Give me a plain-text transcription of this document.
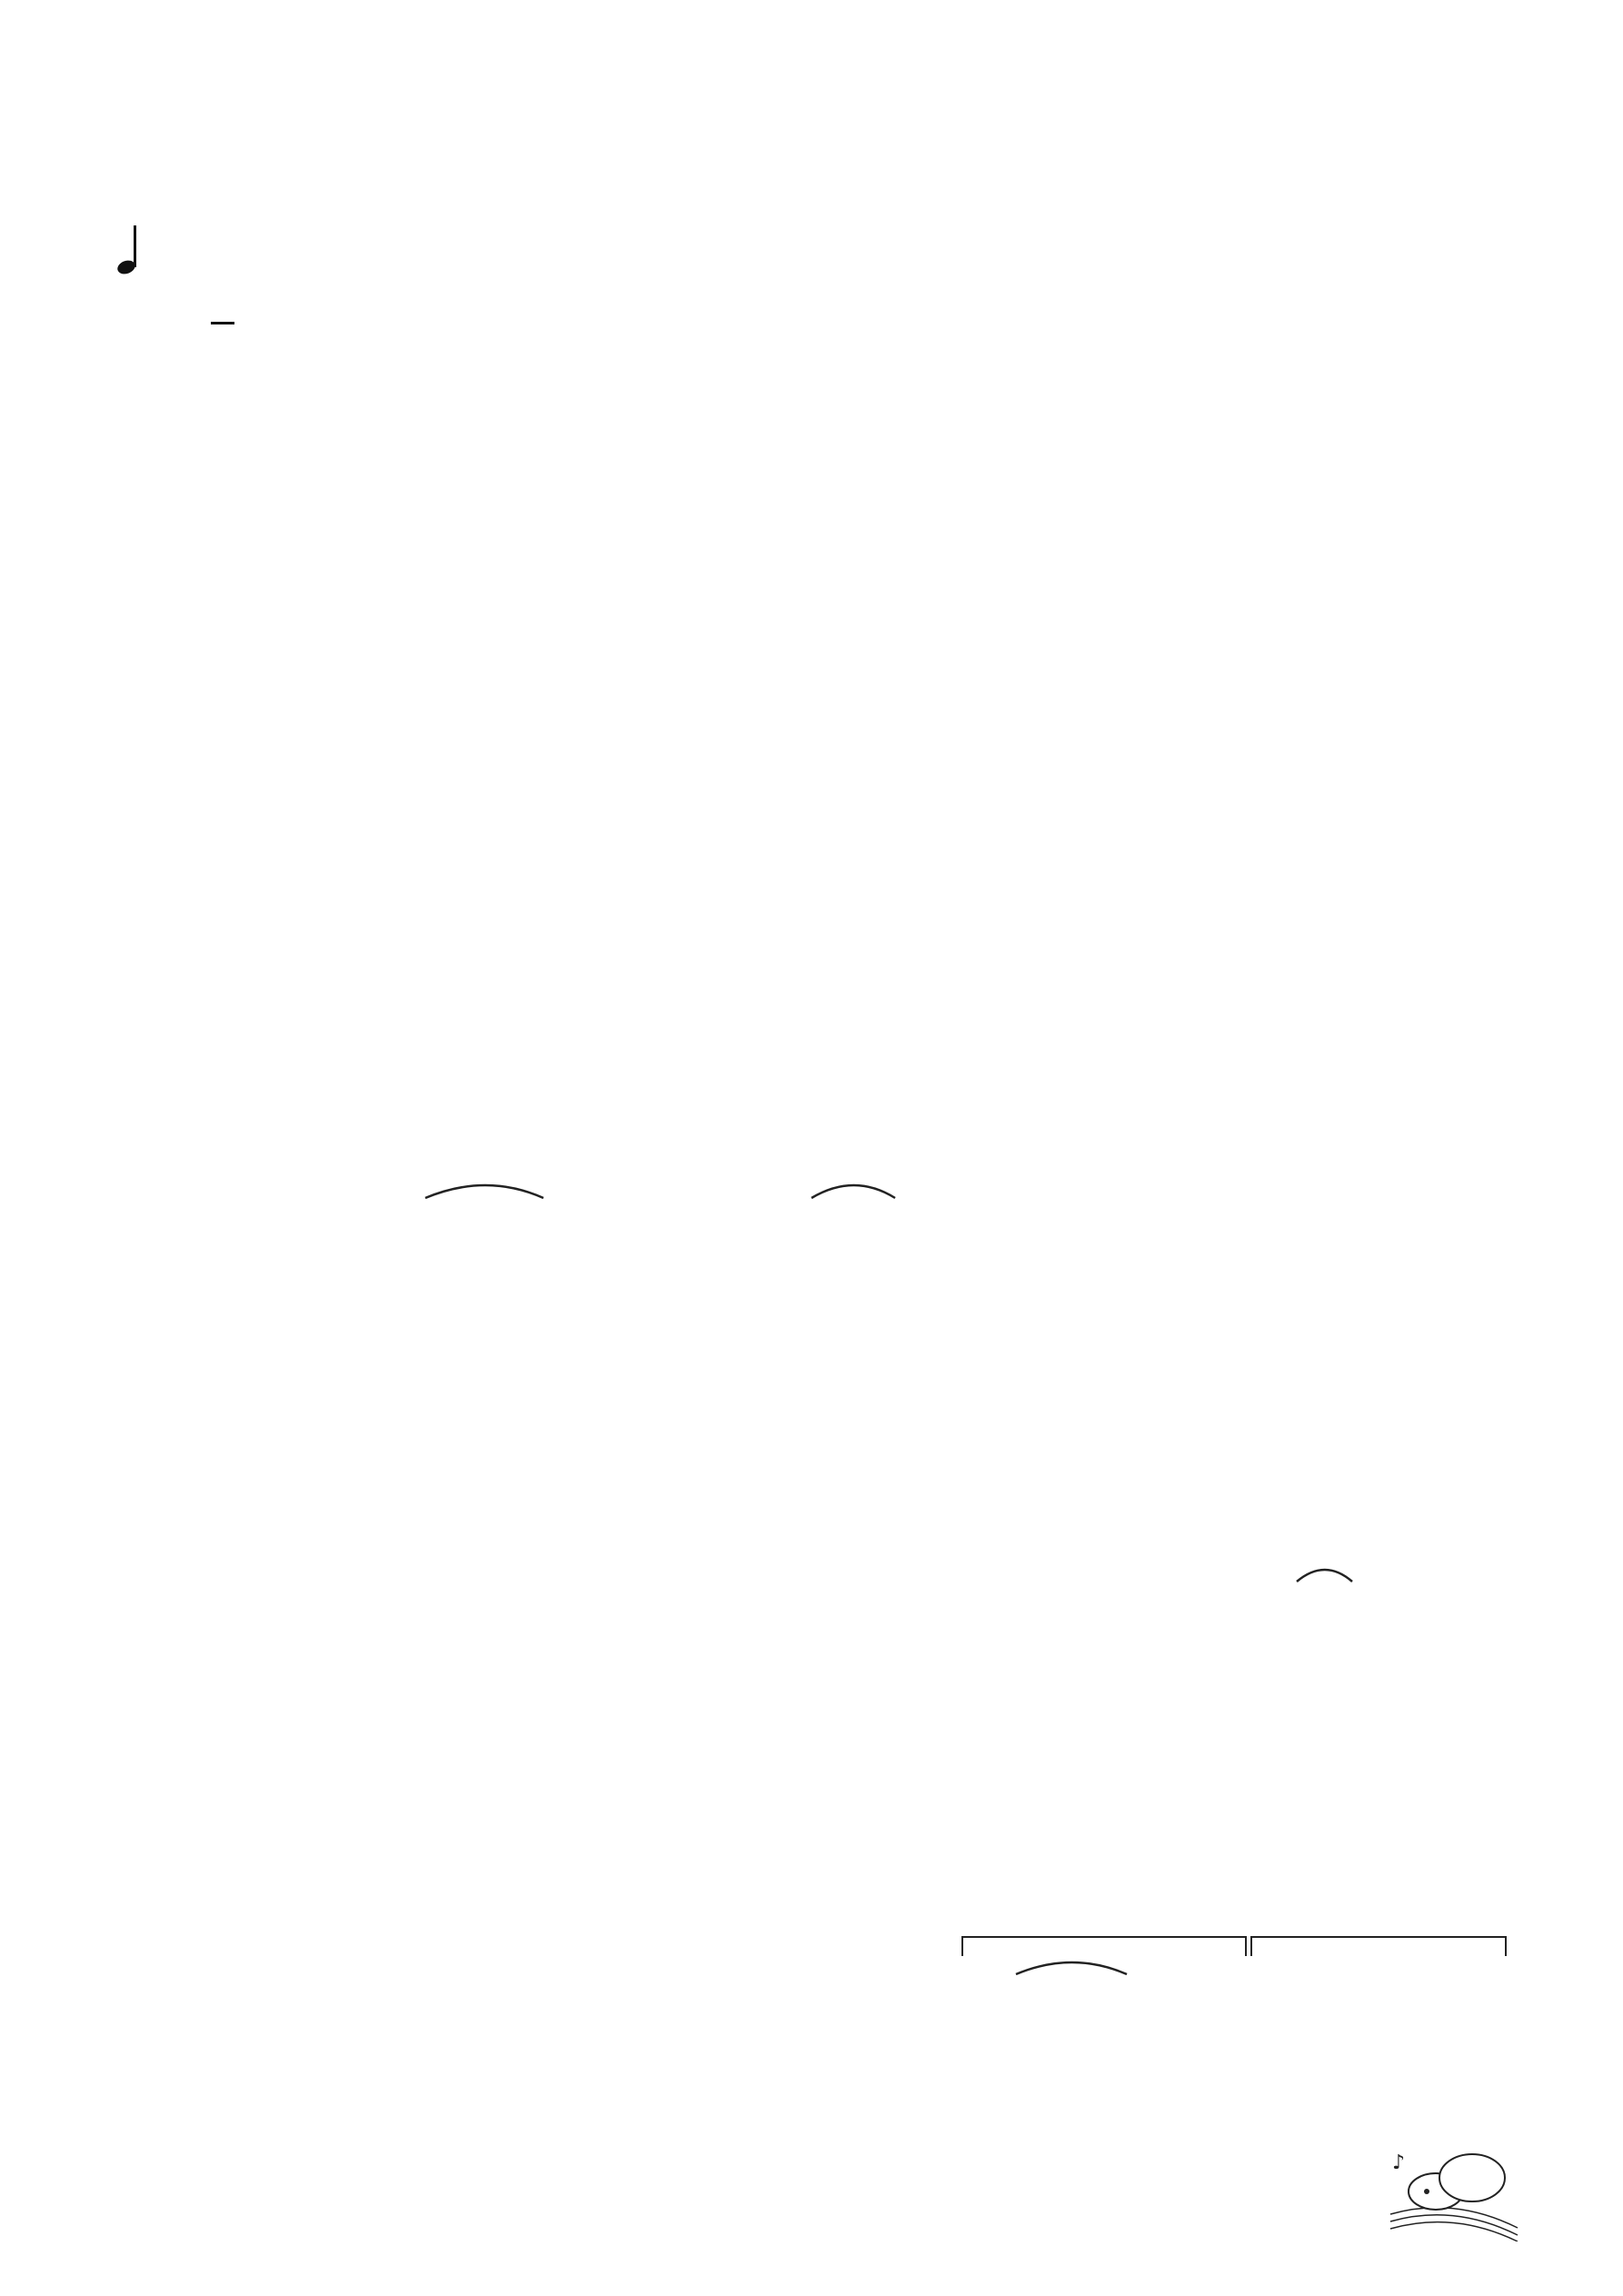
♪
